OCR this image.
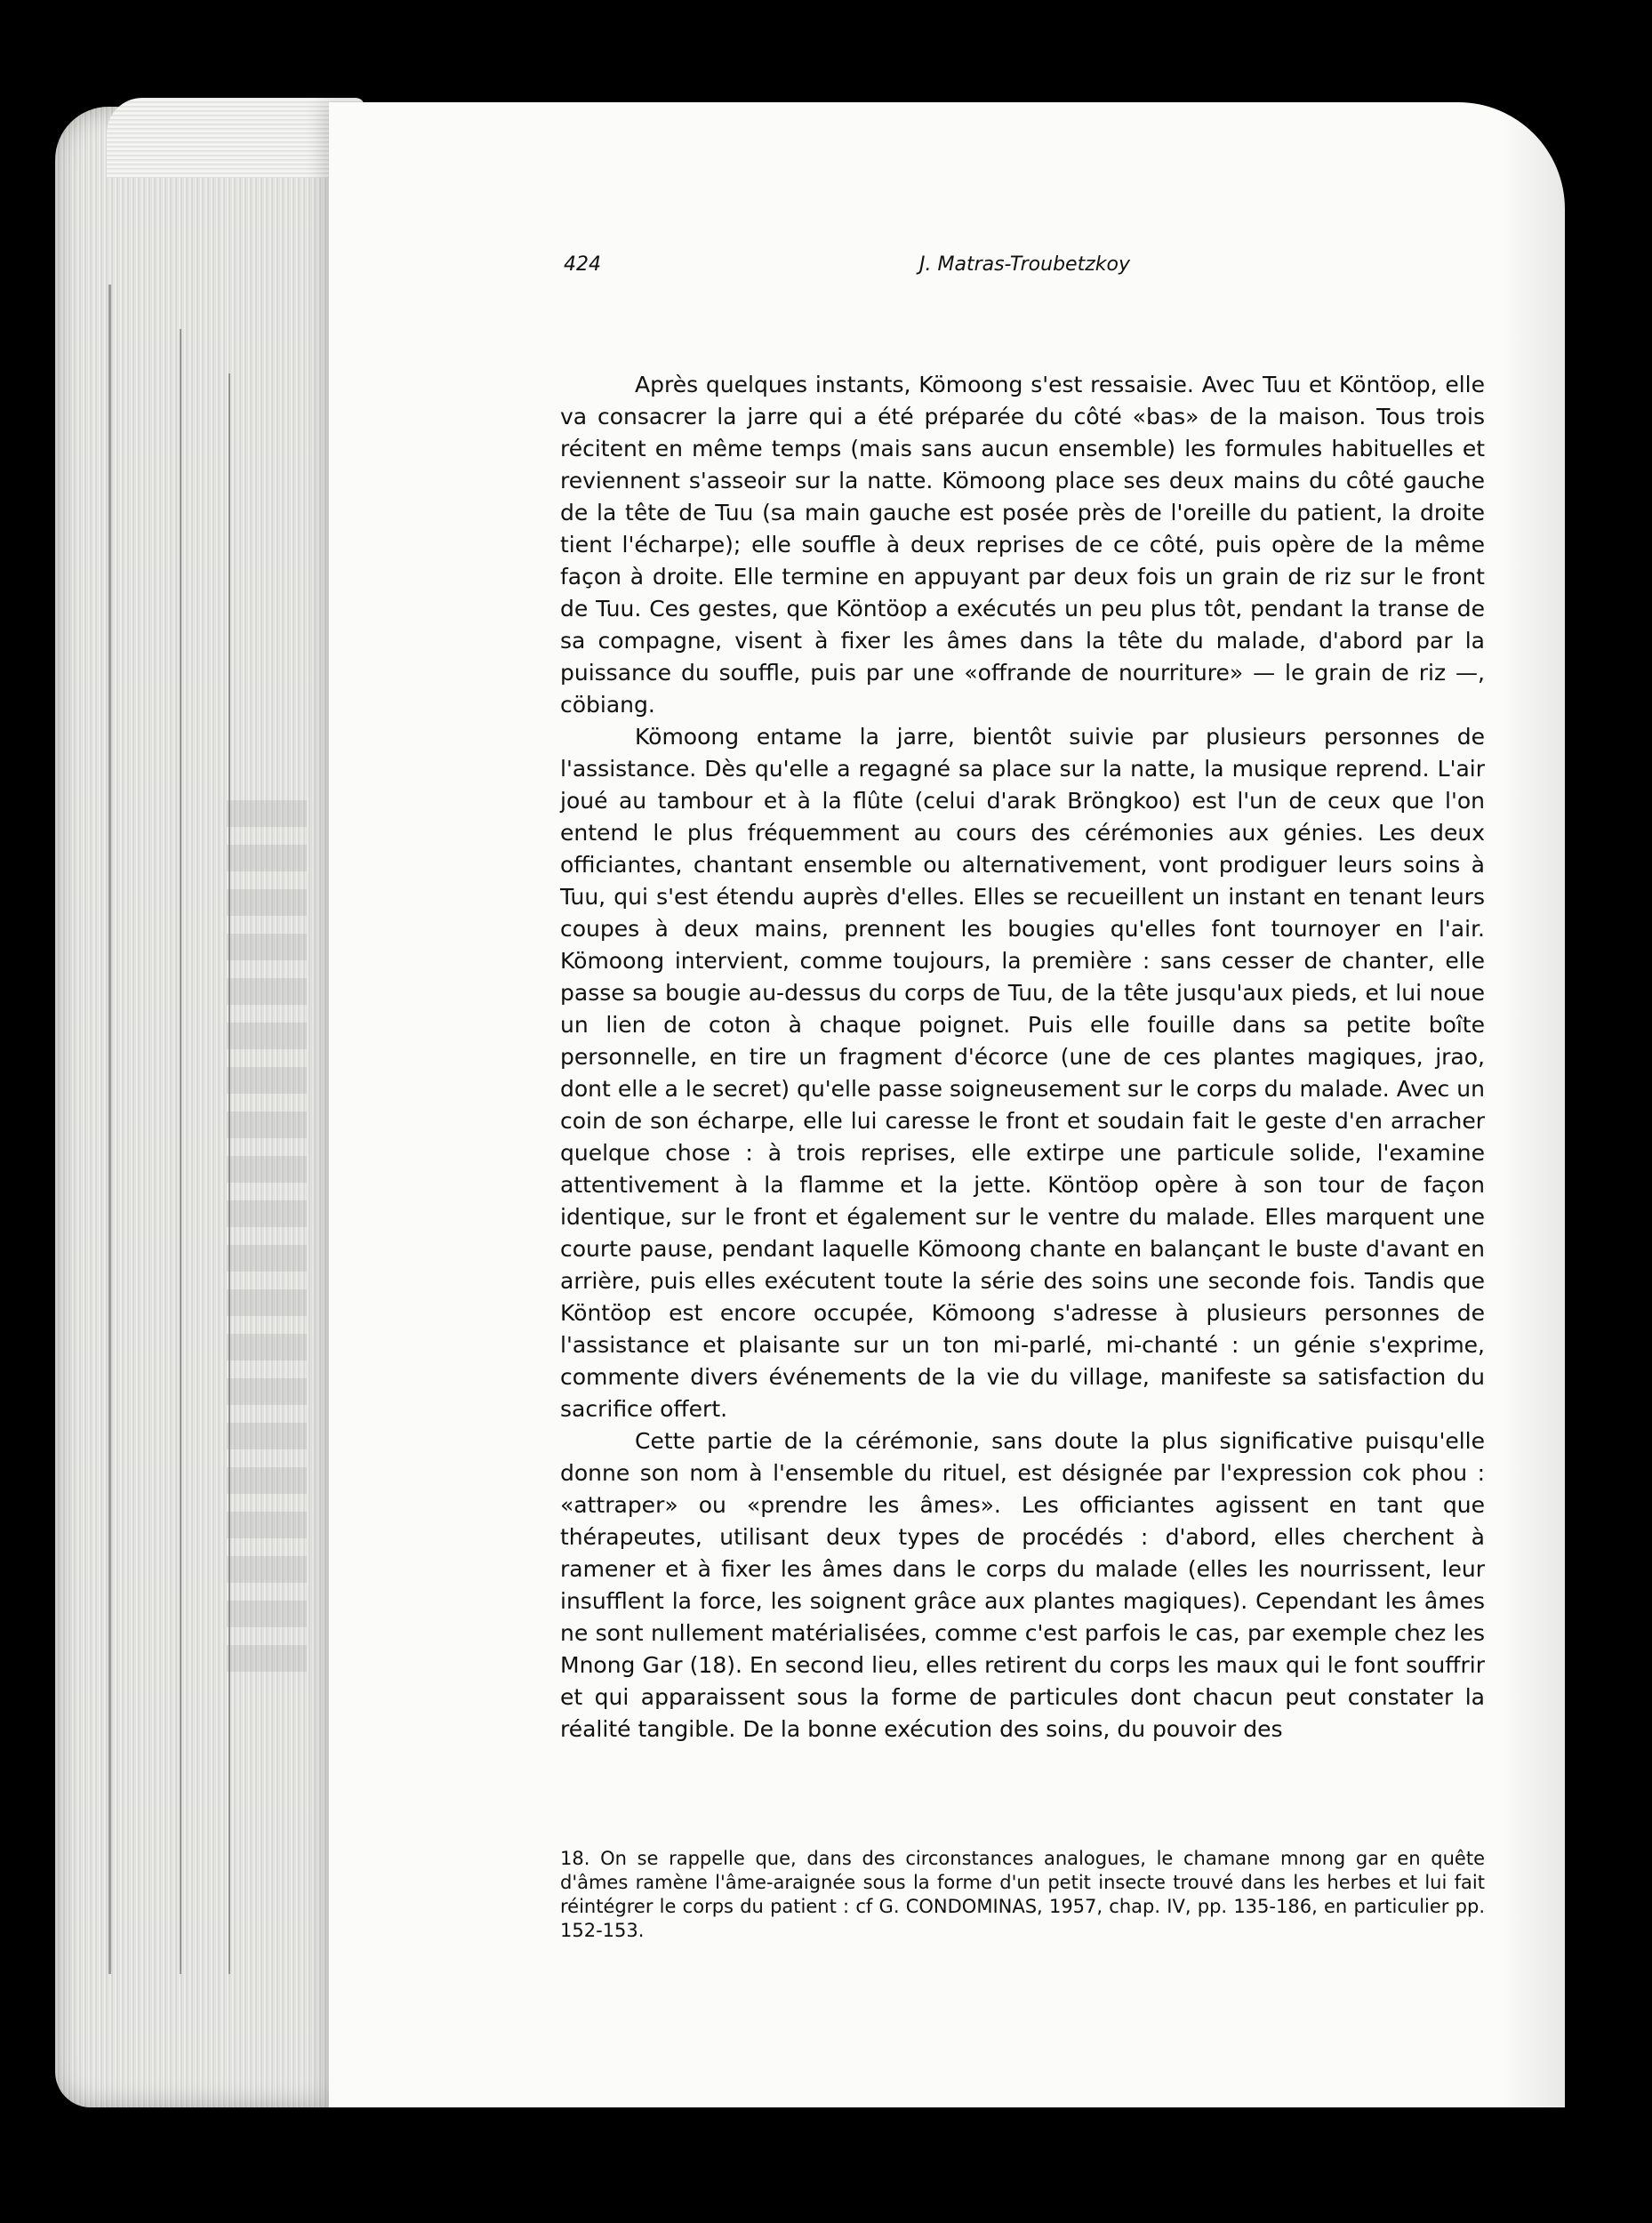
424	J. Matras-Troubetzkoy

Après quelques instants, Kömoong s'est ressaisie. Avec Tuu et Köntöop, elle va consacrer la jarre qui a été préparée du côté «bas» de la maison. Tous trois récitent en même temps (mais sans aucun ensemble) les formules habituelles et reviennent s'asseoir sur la natte. Kömoong place ses deux mains du côté gauche de la tête de Tuu (sa main gauche est posée près de l'oreille du patient, la droite tient l'écharpe); elle souffle à deux reprises de ce côté, puis opère de la même façon à droite. Elle termine en appuyant par deux fois un grain de riz sur le front de Tuu. Ces gestes, que Köntöop a exécutés un peu plus tôt, pendant la transe de sa compagne, visent à fixer les âmes dans la tête du malade, d'abord par la puissance du souffle, puis par une «offrande de nourriture» — le grain de riz —, cöbiang.

Kömoong entame la jarre, bientôt suivie par plusieurs personnes de l'assistance. Dès qu'elle a regagné sa place sur la natte, la musique reprend. L'air joué au tambour et à la flûte (celui d'arak Bröngkoo) est l'un de ceux que l'on entend le plus fréquemment au cours des cérémonies aux génies. Les deux officiantes, chantant ensemble ou alternativement, vont prodiguer leurs soins à Tuu, qui s'est étendu auprès d'elles. Elles se recueillent un instant en tenant leurs coupes à deux mains, prennent les bougies qu'elles font tournoyer en l'air. Kömoong intervient, comme toujours, la première : sans cesser de chanter, elle passe sa bougie au-dessus du corps de Tuu, de la tête jusqu'aux pieds, et lui noue un lien de coton à chaque poignet. Puis elle fouille dans sa petite boîte personnelle, en tire un fragment d'écorce (une de ces plantes magiques, jrao, dont elle a le secret) qu'elle passe soigneusement sur le corps du malade. Avec un coin de son écharpe, elle lui caresse le front et soudain fait le geste d'en arracher quelque chose : à trois reprises, elle extirpe une particule solide, l'examine attentivement à la flamme et la jette. Köntöop opère à son tour de façon identique, sur le front et également sur le ventre du malade. Elles marquent une courte pause, pendant laquelle Kömoong chante en balançant le buste d'avant en arrière, puis elles exécutent toute la série des soins une seconde fois. Tandis que Köntöop est encore occupée, Kömoong s'adresse à plusieurs personnes de l'assistance et plaisante sur un ton mi-parlé, mi-chanté : un génie s'exprime, commente divers événements de la vie du village, manifeste sa satisfaction du sacrifice offert.

Cette partie de la cérémonie, sans doute la plus significative puisqu'elle donne son nom à l'ensemble du rituel, est désignée par l'expression cok phou : «attraper» ou «prendre les âmes». Les officiantes agissent en tant que thérapeutes, utilisant deux types de procédés : d'abord, elles cherchent à ramener et à fixer les âmes dans le corps du malade (elles les nourrissent, leur insufflent la force, les soignent grâce aux plantes magiques). Cependant les âmes ne sont nullement matérialisées, comme c'est parfois le cas, par exemple chez les Mnong Gar (18). En second lieu, elles retirent du corps les maux qui le font souffrir et qui apparaissent sous la forme de particules dont chacun peut constater la réalité tangible. De la bonne exécution des soins, du pouvoir des

18. On se rappelle que, dans des circonstances analogues, le chamane mnong gar en quête d'âmes ramène l'âme-araignée sous la forme d'un petit insecte trouvé dans les herbes et lui fait réintégrer le corps du patient : cf G. CONDOMINAS, 1957, chap. IV, pp. 135-186, en particulier pp. 152-153.
